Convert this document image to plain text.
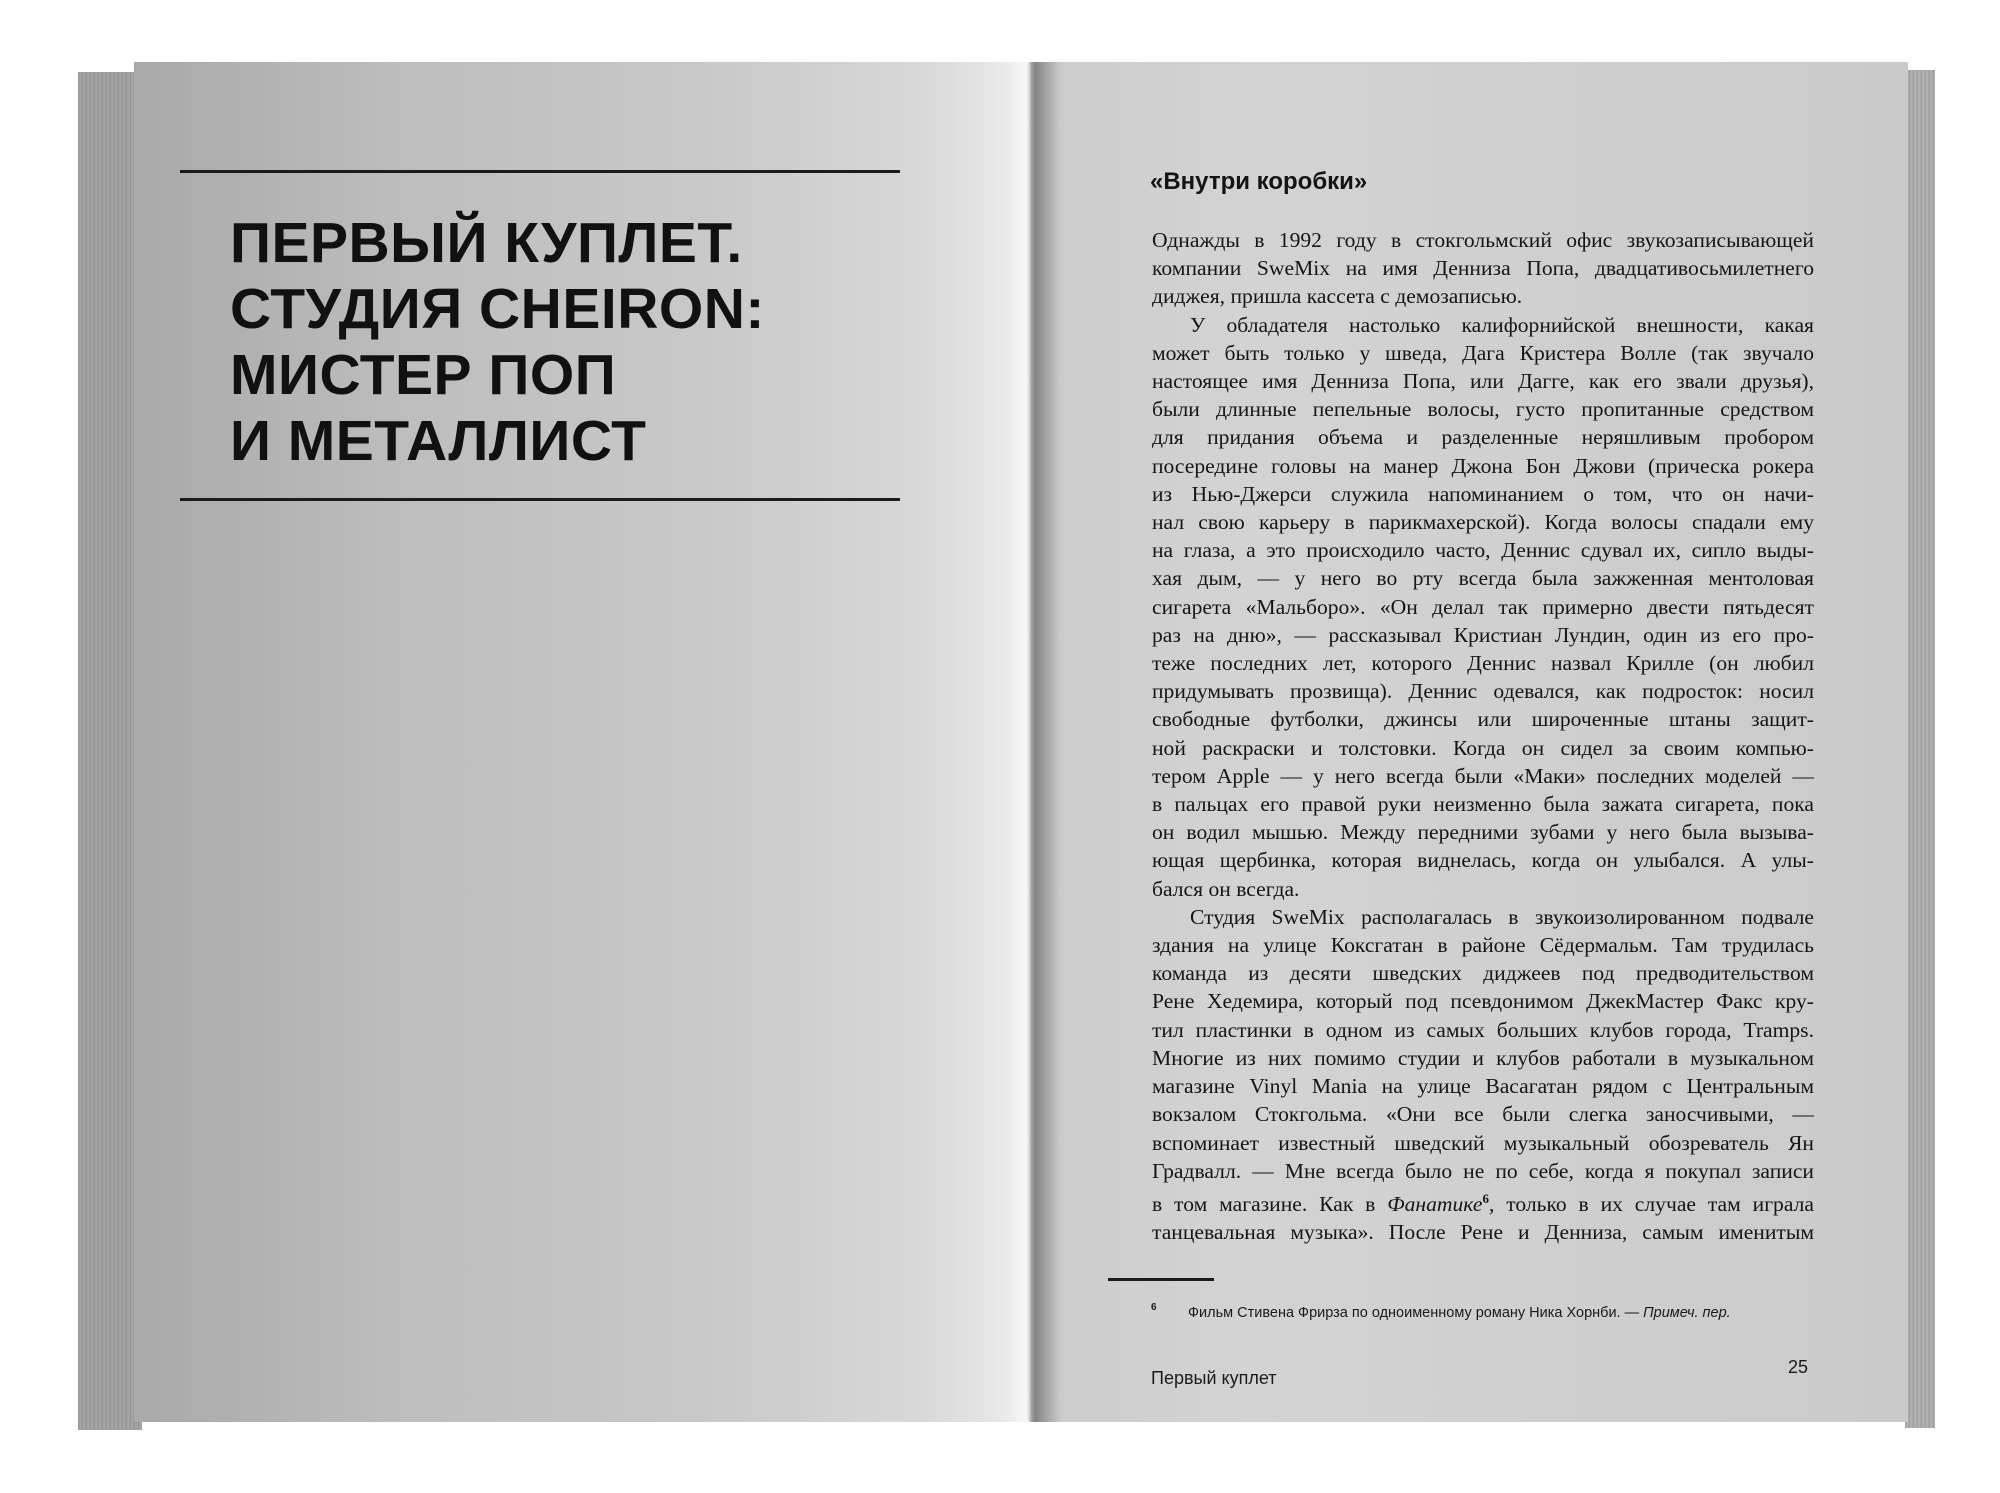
ПЕРВЫЙ КУПЛЕТ.
СТУДИЯ CHEIRON:
МИСТЕР ПОП
И МЕТАЛЛИСТ
«Внутри коробки»
Однажды в 1992 году в стокгольмский офис звукозаписывающей
компании SweMix на имя Денниза Попа, двадцативосьмилетнего
диджея, пришла кассета с демозаписью.
У обладателя настолько калифорнийской внешности, какая
может быть только у шведа, Дага Кристера Волле (так звучало
настоящее имя Денниза Попа, или Дагге, как его звали друзья),
были длинные пепельные волосы, густо пропитанные средством
для придания объема и разделенные неряшливым пробором
посередине головы на манер Джона Бон Джови (прическа рокера
из Нью-Джерси служила напоминанием о том, что он начи-
нал свою карьеру в парикмахерской). Когда волосы спадали ему
на глаза, а это происходило часто, Деннис сдувал их, сипло выды-
хая дым, — у него во рту всегда была зажженная ментоловая
сигарета «Мальборо». «Он делал так примерно двести пятьдесят
раз на дню», — рассказывал Кристиан Лундин, один из его про-
теже последних лет, которого Деннис назвал Крилле (он любил
придумывать прозвища). Деннис одевался, как подросток: носил
свободные футболки, джинсы или широченные штаны защит-
ной раскраски и толстовки. Когда он сидел за своим компью-
тером Apple — у него всегда были «Маки» последних моделей —
в пальцах его правой руки неизменно была зажата сигарета, пока
он водил мышью. Между передними зубами у него была вызыва-
ющая щербинка, которая виднелась, когда он улыбался. А улы-
бался он всегда.
Студия SweMix располагалась в звукоизолированном подвале
здания на улице Коксгатан в районе Сёдермальм. Там трудилась
команда из десяти шведских диджеев под предводительством
Рене Хедемира, который под псевдонимом ДжекМастер Факс кру-
тил пластинки в одном из самых больших клубов города, Tramps.
Многие из них помимо студии и клубов работали в музыкальном
магазине Vinyl Mania на улице Васагатан рядом с Центральным
вокзалом Стокгольма. «Они все были слегка заносчивыми, —
вспоминает известный шведский музыкальный обозреватель Ян
Градвалл. — Мне всегда было не по себе, когда я покупал записи
в том магазине. Как в Фанатике$^6$, только в их случае там играла
танцевальная музыка». После Рене и Денниза, самым именитым
6 Фильм Стивена Фрирза по одноименному роману Ника Хорнби. — Примеч. пер.
Первый куплет
25
